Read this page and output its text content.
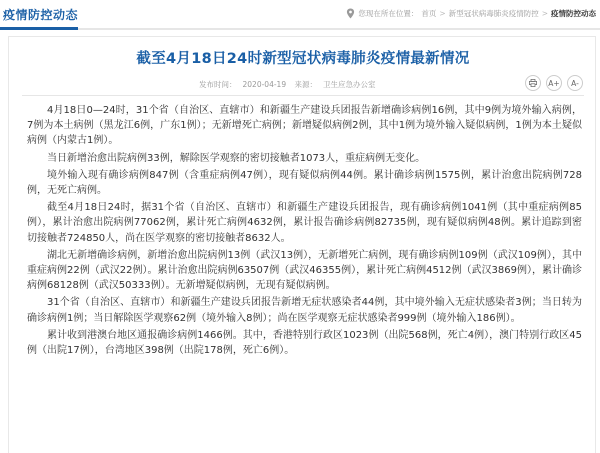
疫情防控动态	您现在所在位置： 首页 > 新型冠状病毒肺炎疫情防控 > 疫情防控动态
截至4月18日24时新型冠状病毒肺炎疫情最新情况
发布时间： 2020-04-19 来源： 卫生应急办公室	A+	A-

4月18日0—24时，31个省（自治区、直辖市）和新疆生产建设兵团报告新增确诊病例16例，其中9例为境外输入病例，7例为本土病例（黑龙江6例，广东1例）；无新增死亡病例；新增疑似病例2例，其中1例为境外输入疑似病例，1例为本土疑似病例（内蒙古1例）。

当日新增治愈出院病例33例，解除医学观察的密切接触者1073人，重症病例无变化。

境外输入现有确诊病例847例（含重症病例47例），现有疑似病例44例。累计确诊病例1575例，累计治愈出院病例728例，无死亡病例。

截至4月18日24时，据31个省（自治区、直辖市）和新疆生产建设兵团报告，现有确诊病例1041例（其中重症病例85例），累计治愈出院病例77062例，累计死亡病例4632例，累计报告确诊病例82735例，现有疑似病例48例。累计追踪到密切接触者724850人，尚在医学观察的密切接触者8632人。

湖北无新增确诊病例，新增治愈出院病例13例（武汉13例），无新增死亡病例，现有确诊病例109例（武汉109例），其中重症病例22例（武汉22例）。累计治愈出院病例63507例（武汉46355例），累计死亡病例4512例（武汉3869例），累计确诊病例68128例（武汉50333例）。无新增疑似病例，无现有疑似病例。

31个省（自治区、直辖市）和新疆生产建设兵团报告新增无症状感染者44例，其中境外输入无症状感染者3例；当日转为确诊病例1例；当日解除医学观察62例（境外输入8例）；尚在医学观察无症状感染者999例（境外输入186例）。

累计收到港澳台地区通报确诊病例1466例。其中，香港特别行政区1023例（出院568例，死亡4例），澳门特别行政区45例（出院17例），台湾地区398例（出院178例，死亡6例）。
